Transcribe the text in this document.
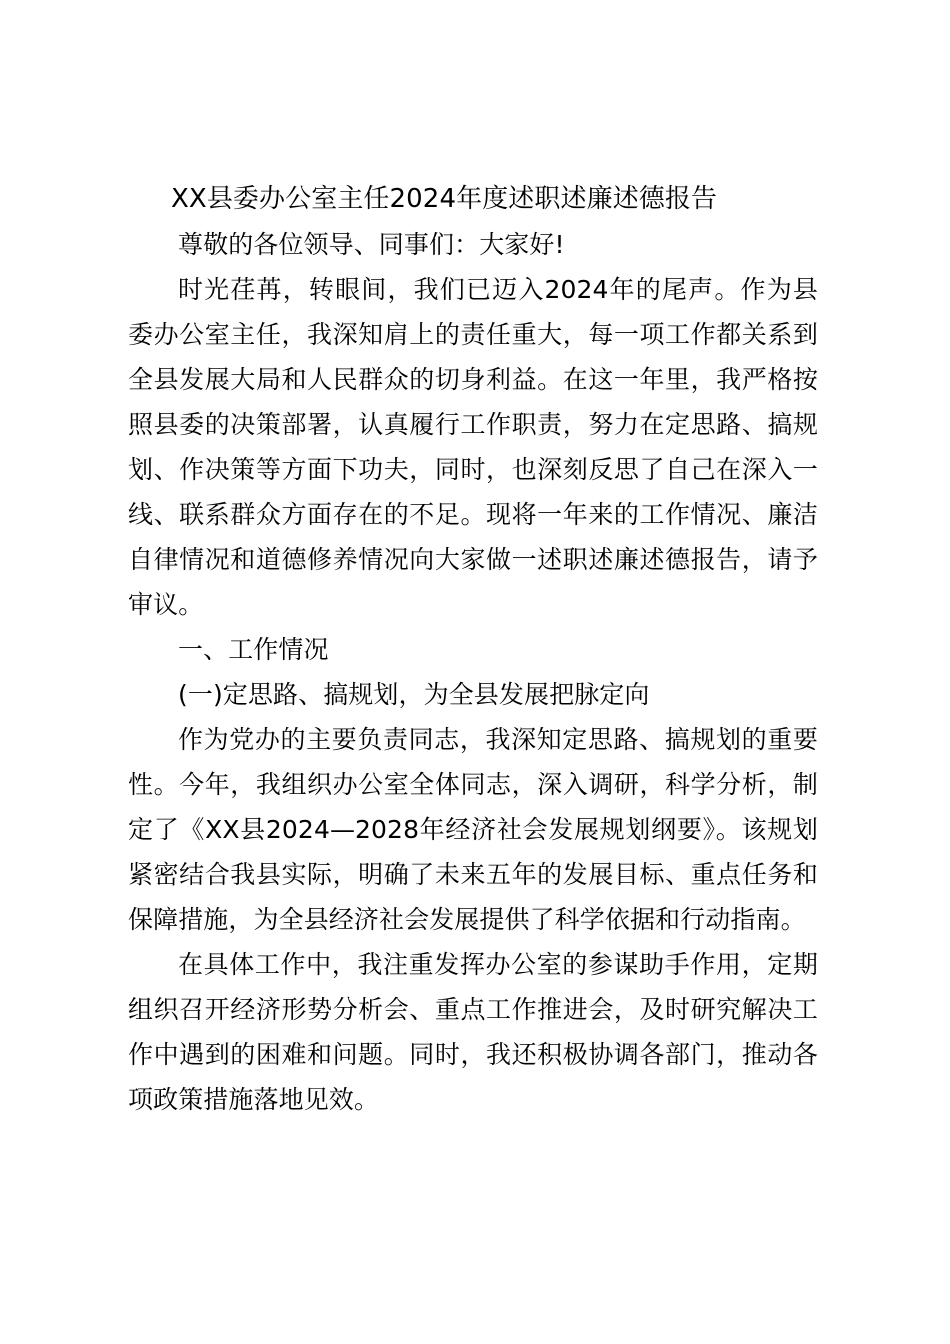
XX县委办公室主任2024年度述职述廉述德报告

尊敬的各位领导、同事们：大家好!

时光荏苒，转眼间，我们已迈入2024年的尾声。作为县委办公室主任，我深知肩上的责任重大，每一项工作都关系到全县发展大局和人民群众的切身利益。在这一年里，我严格按照县委的决策部署，认真履行工作职责，努力在定思路、搞规划、作决策等方面下功夫，同时，也深刻反思了自己在深入一线、联系群众方面存在的不足。现将一年来的工作情况、廉洁自律情况和道德修养情况向大家做一述职述廉述德报告，请予审议。

一、工作情况

(一)定思路、搞规划，为全县发展把脉定向

作为党办的主要负责同志，我深知定思路、搞规划的重要性。今年，我组织办公室全体同志，深入调研，科学分析，制定了《XX县2024—2028年经济社会发展规划纲要》。该规划紧密结合我县实际，明确了未来五年的发展目标、重点任务和保障措施，为全县经济社会发展提供了科学依据和行动指南。

在具体工作中，我注重发挥办公室的参谋助手作用，定期组织召开经济形势分析会、重点工作推进会，及时研究解决工作中遇到的困难和问题。同时，我还积极协调各部门，推动各项政策措施落地见效。
